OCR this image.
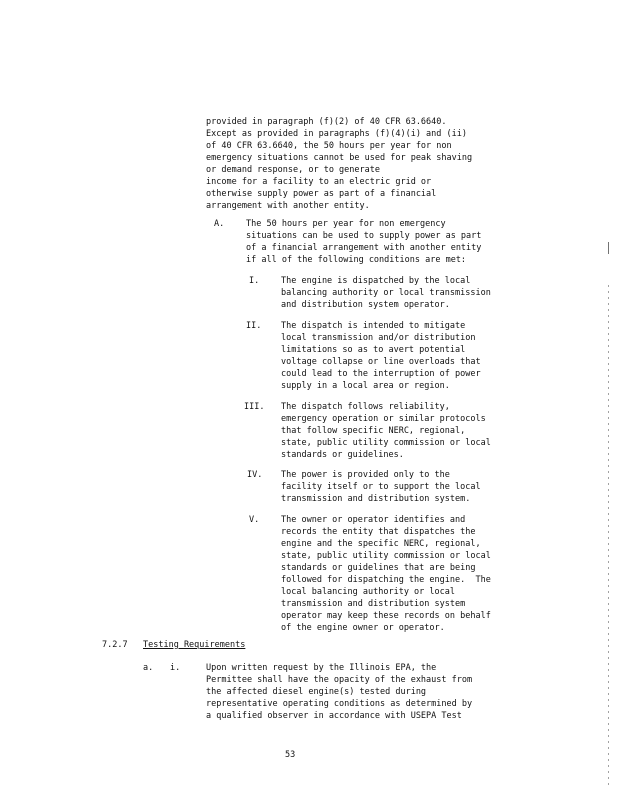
provided in paragraph (f)(2) of 40 CFR 63.6640.
Except as provided in paragraphs (f)(4)(i) and (ii)
of 40 CFR 63.6640, the 50 hours per year for non
emergency situations cannot be used for peak shaving
or demand response, or to generate
income for a facility to an electric grid or
otherwise supply power as part of a financial
arrangement with another entity.
A.	The 50 hours per year for non emergency
situations can be used to supply power as part
of a financial arrangement with another entity
if all of the following conditions are met:
I.	The engine is dispatched by the local
balancing authority or local transmission
and distribution system operator.
II. The dispatch is intended to mitigate
local transmission and/or distribution
limitations so as to avert potential
voltage collapse or line overloads that
could lead to the interruption of power
supply in a local area or region.
III. The dispatch follows reliability,
emergency operation or similar protocols
that follow specific NERC, regional,
state, public utility commission or local
standards or guidelines.
IV. The power is provided only to the
facility itself or to support the local
transmission and distribution system.
V.	The owner or operator identifies and
records the entity that dispatches the
engine and the specific NERC, regional,
state, public utility commission or local
standards or guidelines that are being
followed for dispatching the engine.  The
local balancing authority or local
transmission and distribution system
operator may keep these records on behalf
of the engine owner or operator.
7.2.7 Testing Requirements
a. i.	Upon written request by the Illinois EPA, the
Permittee shall have the opacity of the exhaust from
the affected diesel engine(s) tested during
representative operating conditions as determined by
a qualified observer in accordance with USEPA Test
53
